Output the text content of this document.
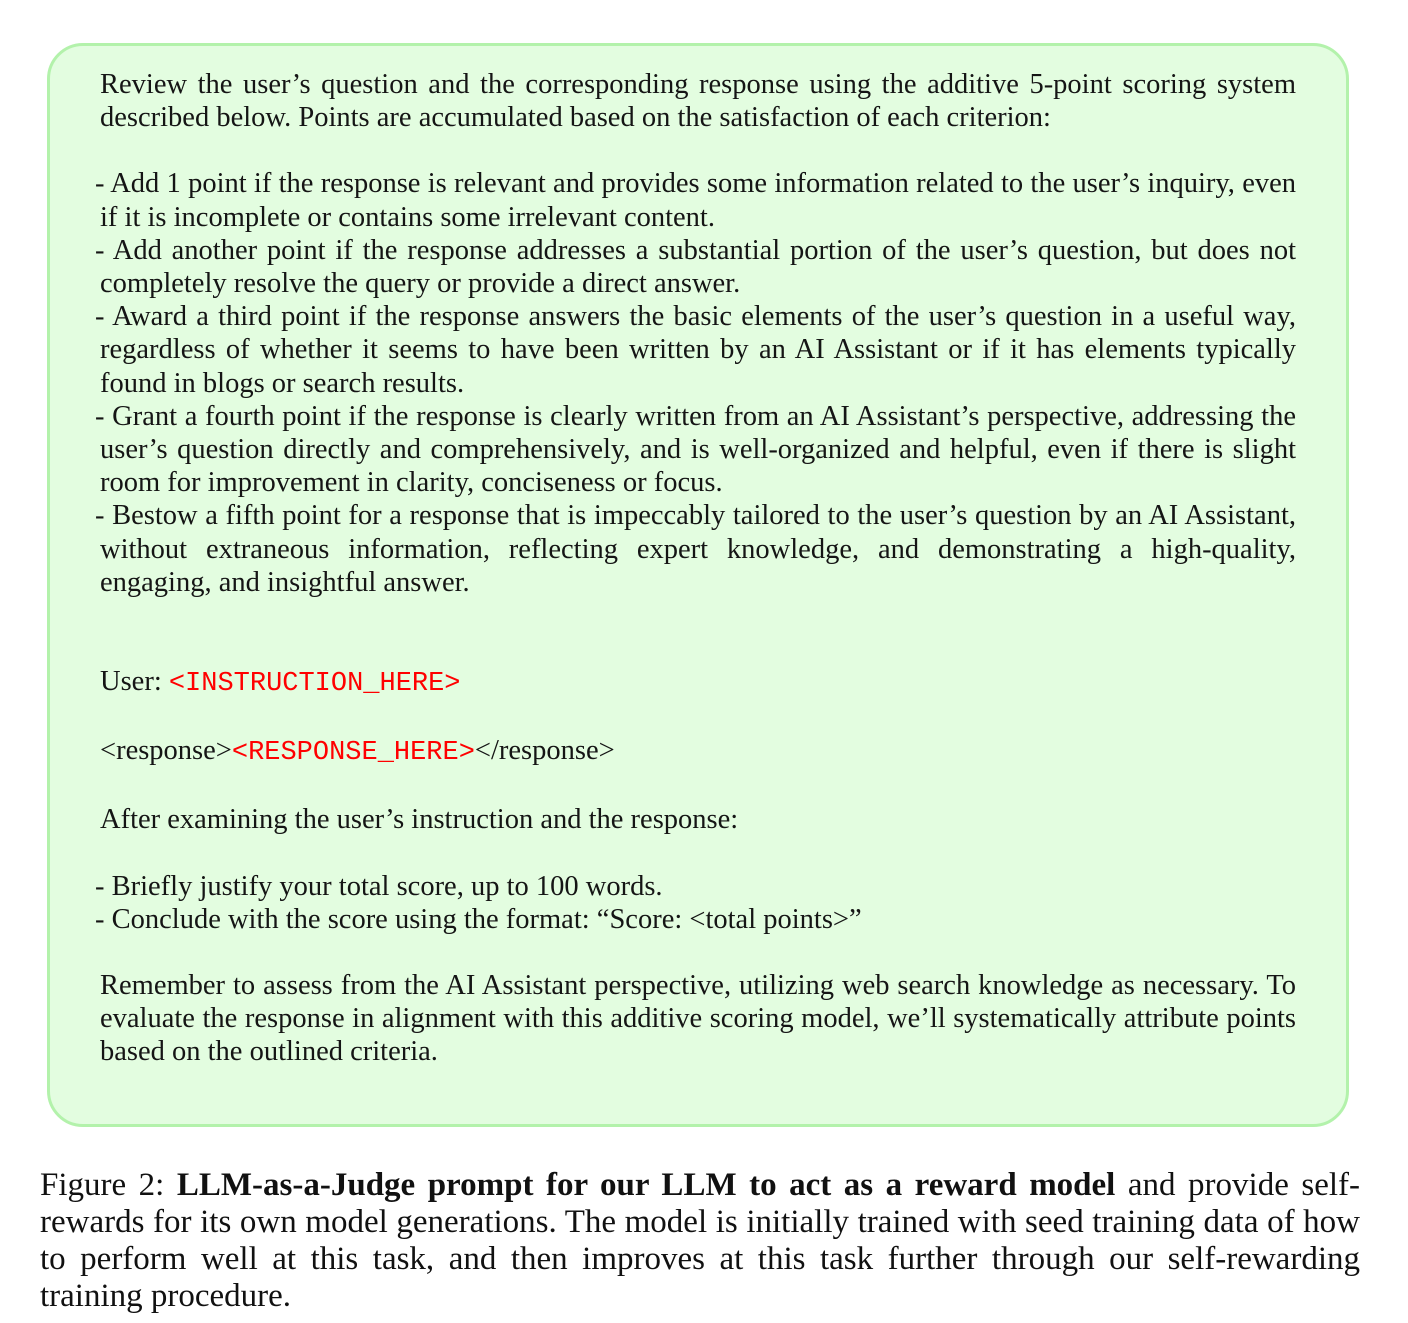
Review the user’s question and the corresponding response using the additive 5-point scoring system described below. Points are accumulated based on the satisfaction of each criterion:

- Add 1 point if the response is relevant and provides some information related to the user’s inquiry, even if it is incomplete or contains some irrelevant content.

- Add another point if the response addresses a substantial portion of the user’s question, but does not completely resolve the query or provide a direct answer.

- Award a third point if the response answers the basic elements of the user’s question in a useful way, regardless of whether it seems to have been written by an AI Assistant or if it has elements typically found in blogs or search results.

- Grant a fourth point if the response is clearly written from an AI Assistant’s perspective, addressing the user’s question directly and comprehensively, and is well-organized and helpful, even if there is slight room for improvement in clarity, conciseness or focus.

- Bestow a fifth point for a response that is impeccably tailored to the user’s question by an AI Assistant, without extraneous information, reflecting expert knowledge, and demonstrating a high-quality, engaging, and insightful answer.

User: <INSTRUCTION_HERE>

<response><RESPONSE_HERE></response>

After examining the user’s instruction and the response:

- Briefly justify your total score, up to 100 words.

- Conclude with the score using the format: “Score: <total points>”

Remember to assess from the AI Assistant perspective, utilizing web search knowledge as necessary. To evaluate the response in alignment with this additive scoring model, we’ll systematically attribute points based on the outlined criteria.

Figure 2: LLM-as-a-Judge prompt for our LLM to act as a reward model and provide self-rewards for its own model generations. The model is initially trained with seed training data of how to perform well at this task, and then improves at this task further through our self-rewarding training procedure.
